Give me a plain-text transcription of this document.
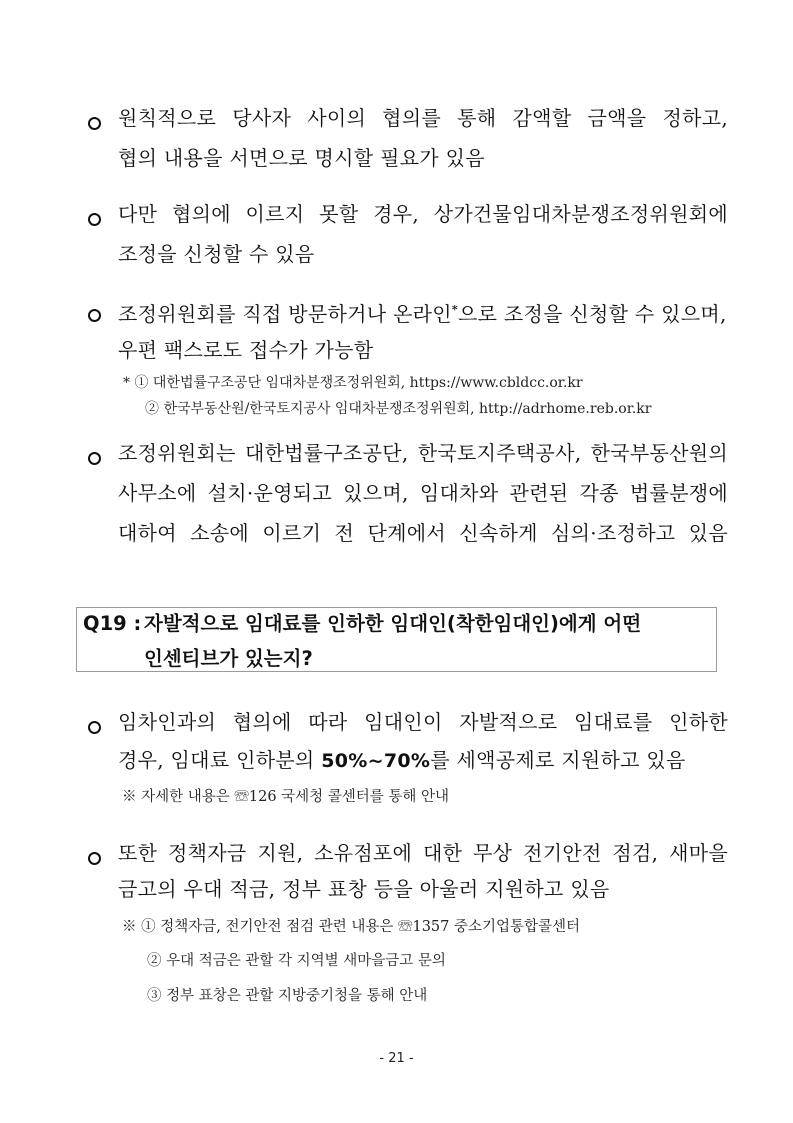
원칙적으로 당사자 사이의 협의를 통해 감액할 금액을 정하고,
협의 내용을 서면으로 명시할 필요가 있음
다만 협의에 이르지 못할 경우, 상가건물임대차분쟁조정위원회에
조정을 신청할 수 있음
조정위원회를 직접 방문하거나 온라인*으로 조정을 신청할 수 있으며,
우편 팩스로도 접수가 가능함
* ① 대한법률구조공단 임대차분쟁조정위원회, https://www.cbldcc.or.kr
② 한국부동산원/한국토지공사 임대차분쟁조정위원회, http://adrhome.reb.or.kr
조정위원회는 대한법률구조공단, 한국토지주택공사, 한국부동산원의
사무소에 설치·운영되고 있으며, 임대차와 관련된 각종 법률분쟁에
대하여 소송에 이르기 전 단계에서 신속하게 심의·조정하고 있음
Q19 : 자발적으로 임대료를 인하한 임대인(착한임대인)에게 어떤
인센티브가 있는지?
임차인과의 협의에 따라 임대인이 자발적으로 임대료를 인하한
경우, 임대료 인하분의 50%~70%를 세액공제로 지원하고 있음
※ 자세한 내용은 ☏126 국세청 콜센터를 통해 안내
또한 정책자금 지원, 소유점포에 대한 무상 전기안전 점검, 새마을
금고의 우대 적금, 정부 표창 등을 아울러 지원하고 있음
※ ① 정책자금, 전기안전 점검 관련 내용은 ☏1357 중소기업통합콜센터
② 우대 적금은 관할 각 지역별 새마을금고 문의
③ 정부 표창은 관할 지방중기청을 통해 안내
- 21 -
